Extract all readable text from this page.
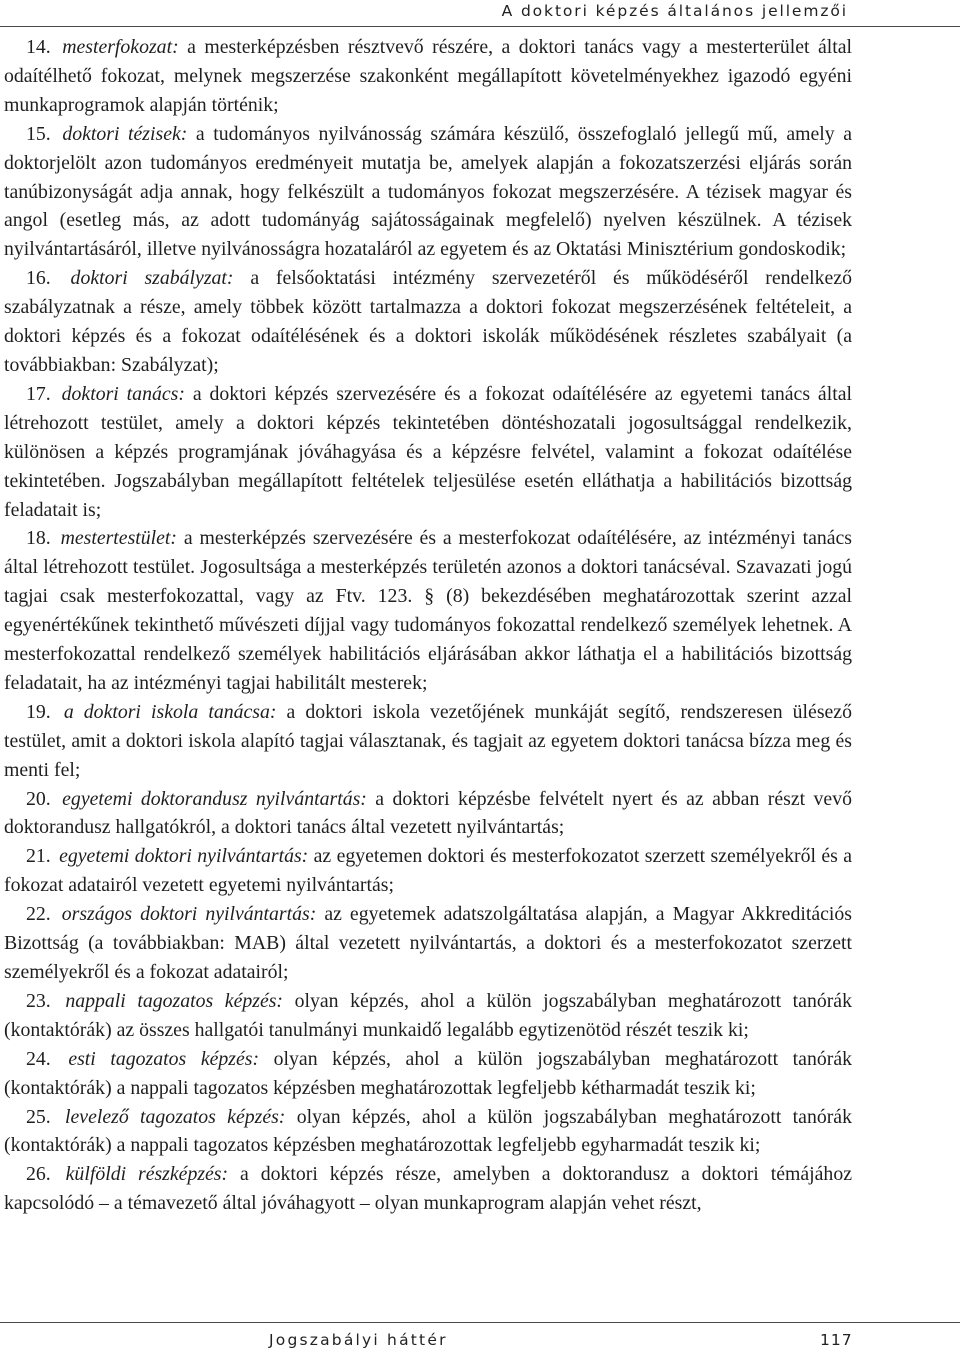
A doktori képzés általános jellemzői

14. mesterfokozat: a mesterképzésben résztvevő részére, a doktori tanács vagy a mesterterület által odaítélhető fokozat, melynek megszerzése szakonként megállapított követelményekhez igazodó egyéni munkaprogramok alapján történik;

15. doktori tézisek: a tudományos nyilvánosság számára készülő, összefoglaló jellegű mű, amely a doktorjelölt azon tudományos eredményeit mutatja be, amelyek alapján a fokozatszerzési eljárás során tanúbizonyságát adja annak, hogy felkészült a tudományos fokozat megszerzésére. A tézisek magyar és angol (esetleg más, az adott tudományág sajátosságainak megfelelő) nyelven készülnek. A tézisek nyilvántartásáról, illetve nyilvánosságra hozataláról az egyetem és az Oktatási Minisztérium gondoskodik;

16. doktori szabályzat: a felsőoktatási intézmény szervezetéről és működéséről rendelkező szabályzatnak a része, amely többek között tartalmazza a doktori fokozat megszerzésének feltételeit, a doktori képzés és a fokozat odaítélésének és a doktori iskolák működésének részletes szabályait (a továbbiakban: Szabályzat);

17. doktori tanács: a doktori képzés szervezésére és a fokozat odaítélésére az egyetemi tanács által létrehozott testület, amely a doktori képzés tekintetében döntéshozatali jogosultsággal rendelkezik, különösen a képzés programjának jóváhagyása és a képzésre felvétel, valamint a fokozat odaítélése tekintetében. Jogszabályban megállapított feltételek teljesülése esetén elláthatja a habilitációs bizottság feladatait is;

18. mestertestület: a mesterképzés szervezésére és a mesterfokozat odaítélésére, az intézményi tanács által létrehozott testület. Jogosultsága a mesterképzés területén azonos a doktori tanácséval. Szavazati jogú tagjai csak mesterfokozattal, vagy az Ftv. 123. § (8) bekezdésében meghatározottak szerint azzal egyenértékűnek tekinthető művészeti díjjal vagy tudományos fokozattal rendelkező személyek lehetnek. A mesterfokozattal rendelkező személyek habilitációs eljárásában akkor láthatja el a habilitációs bizottság feladatait, ha az intézményi tagjai habilitált mesterek;

19. a doktori iskola tanácsa: a doktori iskola vezetőjének munkáját segítő, rendszeresen ülésező testület, amit a doktori iskola alapító tagjai választanak, és tagjait az egyetem doktori tanácsa bízza meg és menti fel;

20. egyetemi doktorandusz nyilvántartás: a doktori képzésbe felvételt nyert és az abban részt vevő doktorandusz hallgatókról, a doktori tanács által vezetett nyilvántartás;

21. egyetemi doktori nyilvántartás: az egyetemen doktori és mesterfokozatot szerzett személyekről és a fokozat adatairól vezetett egyetemi nyilvántartás;

22. országos doktori nyilvántartás: az egyetemek adatszolgáltatása alapján, a Magyar Akkreditációs Bizottság (a továbbiakban: MAB) által vezetett nyilvántartás, a doktori és a mesterfokozatot szerzett személyekről és a fokozat adatairól;

23. nappali tagozatos képzés: olyan képzés, ahol a külön jogszabályban meghatározott tanórák (kontaktórák) az összes hallgatói tanulmányi munkaidő legalább egytizenötöd részét teszik ki;

24. esti tagozatos képzés: olyan képzés, ahol a külön jogszabályban meghatározott tanórák (kontaktórák) a nappali tagozatos képzésben meghatározottak legfeljebb kétharmadát teszik ki;

25. levelező tagozatos képzés: olyan képzés, ahol a külön jogszabályban meghatározott tanórák (kontaktórák) a nappali tagozatos képzésben meghatározottak legfeljebb egyharmadát teszik ki;

26. külföldi részképzés: a doktori képzés része, amelyben a doktorandusz a doktori témájához kapcsolódó – a témavezető által jóváhagyott – olyan munkaprogram alapján vehet részt,

Jogszabályi háttér	117
